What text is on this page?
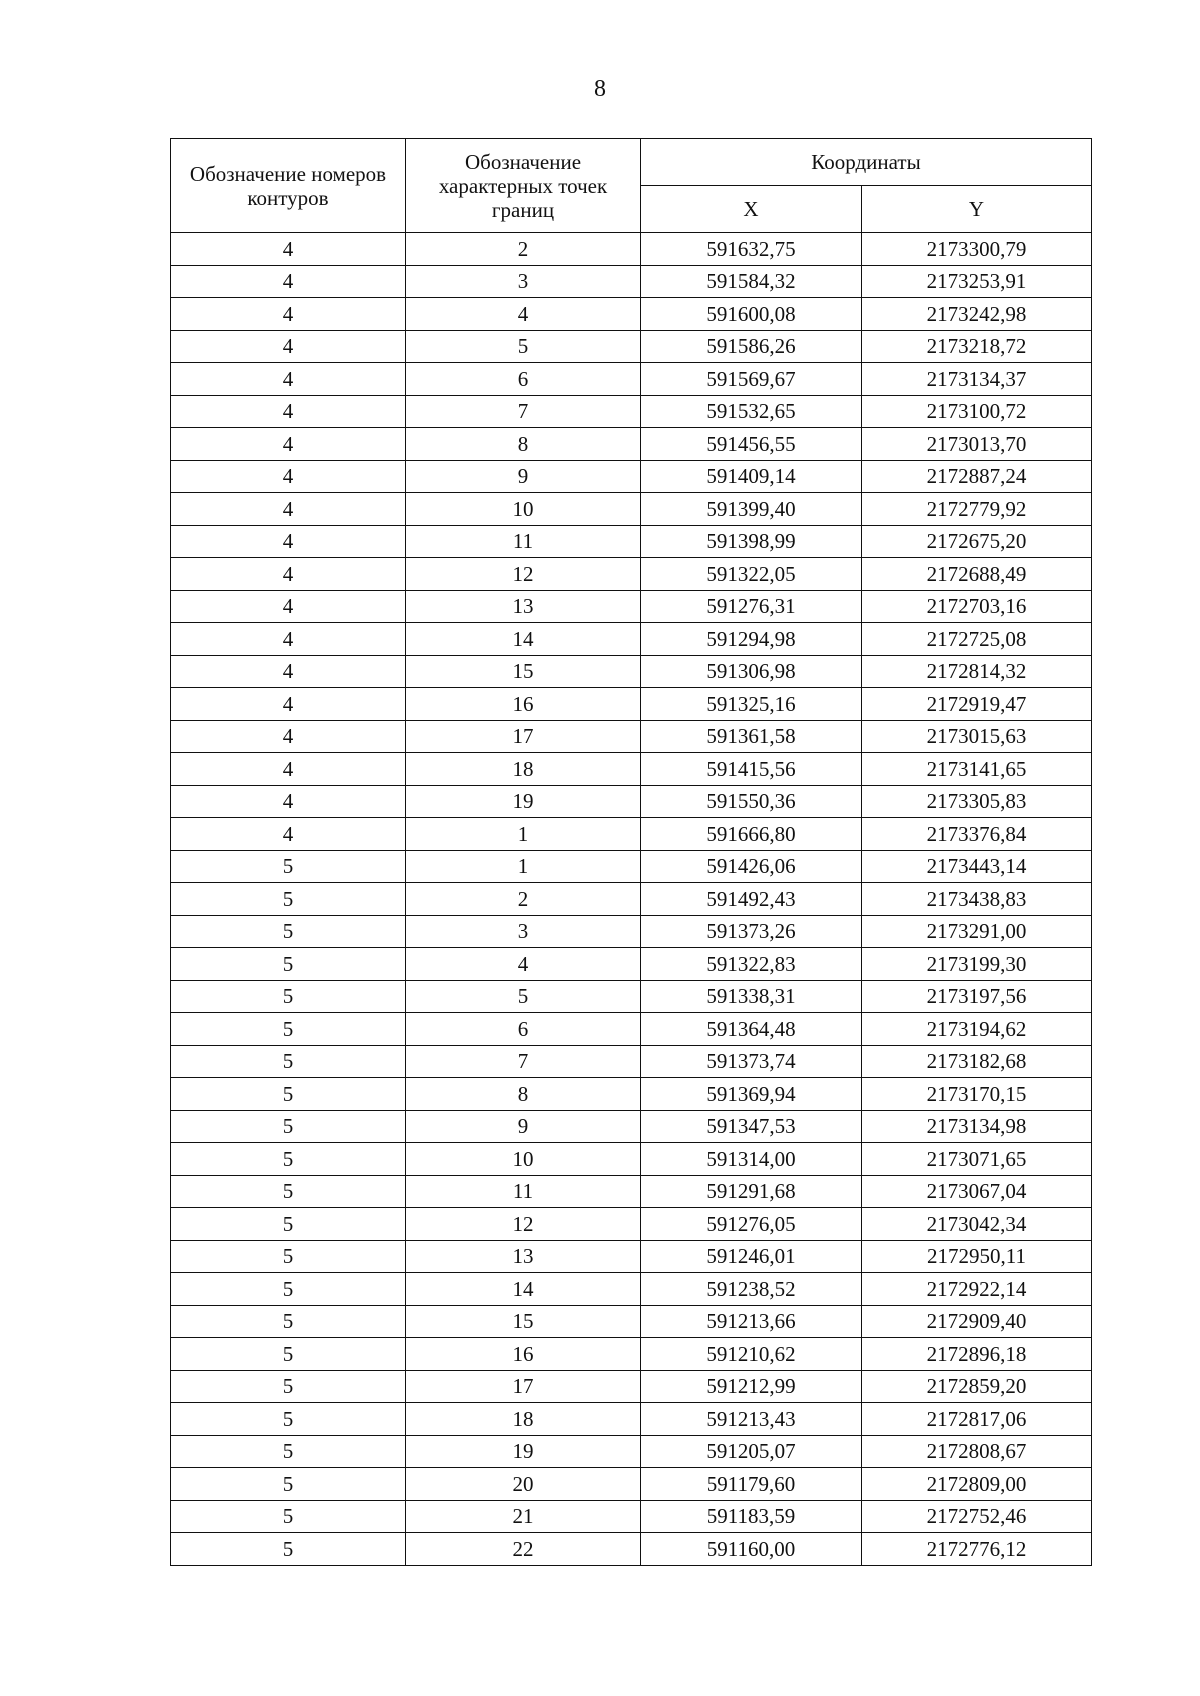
8
Обозначение номеров контуров	Обозначение характерных точек границ	Координаты	
		X	Y
4	2	591632,75	2173300,79
4	3	591584,32	2173253,91
4	4	591600,08	2173242,98
4	5	591586,26	2173218,72
4	6	591569,67	2173134,37
4	7	591532,65	2173100,72
4	8	591456,55	2173013,70
4	9	591409,14	2172887,24
4	10	591399,40	2172779,92
4	11	591398,99	2172675,20
4	12	591322,05	2172688,49
4	13	591276,31	2172703,16
4	14	591294,98	2172725,08
4	15	591306,98	2172814,32
4	16	591325,16	2172919,47
4	17	591361,58	2173015,63
4	18	591415,56	2173141,65
4	19	591550,36	2173305,83
4	1	591666,80	2173376,84
5	1	591426,06	2173443,14
5	2	591492,43	2173438,83
5	3	591373,26	2173291,00
5	4	591322,83	2173199,30
5	5	591338,31	2173197,56
5	6	591364,48	2173194,62
5	7	591373,74	2173182,68
5	8	591369,94	2173170,15
5	9	591347,53	2173134,98
5	10	591314,00	2173071,65
5	11	591291,68	2173067,04
5	12	591276,05	2173042,34
5	13	591246,01	2172950,11
5	14	591238,52	2172922,14
5	15	591213,66	2172909,40
5	16	591210,62	2172896,18
5	17	591212,99	2172859,20
5	18	591213,43	2172817,06
5	19	591205,07	2172808,67
5	20	591179,60	2172809,00
5	21	591183,59	2172752,46
5	22	591160,00	2172776,12
